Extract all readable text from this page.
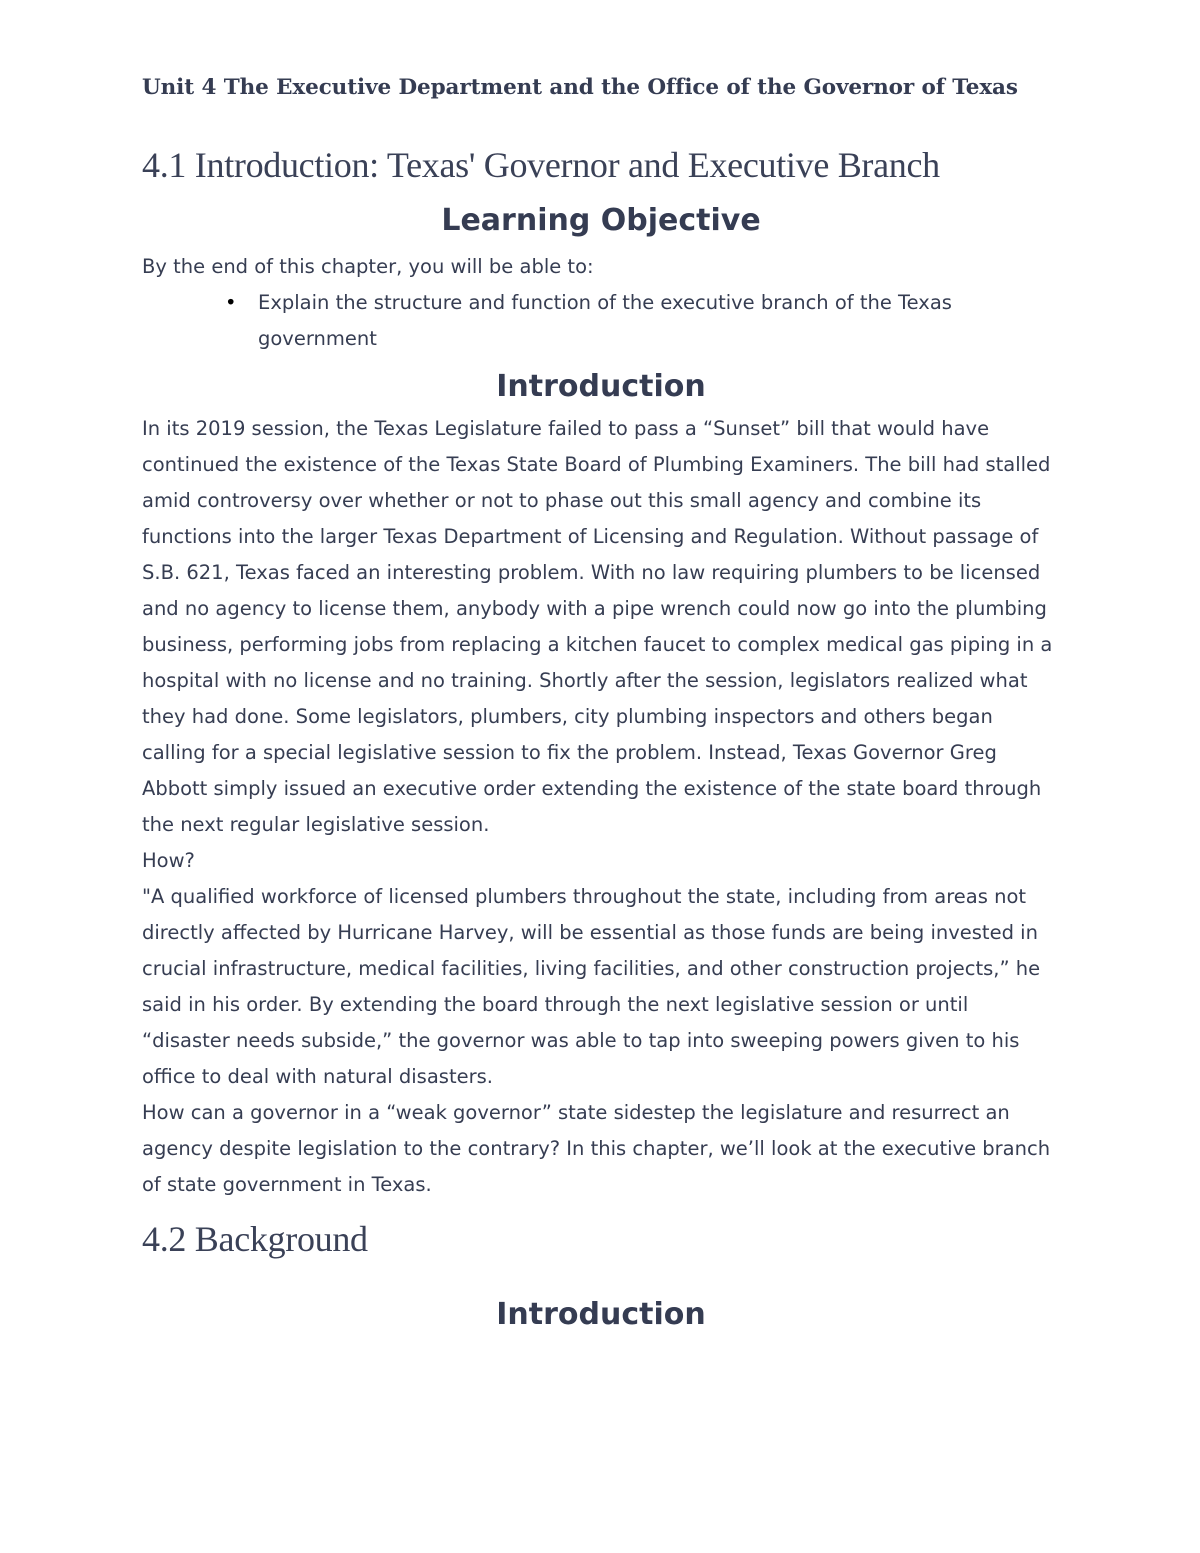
Unit 4 The Executive Department and the Office of the Governor of Texas
4.1 Introduction: Texas' Governor and Executive Branch
Learning Objective

By the end of this chapter, you will be able to:

• Explain the structure and function of the executive branch of the Texas government
Introduction

In its 2019 session, the Texas Legislature failed to pass a “Sunset” bill that would have continued the existence of the Texas State Board of Plumbing Examiners. The bill had stalled amid controversy over whether or not to phase out this small agency and combine its functions into the larger Texas Department of Licensing and Regulation. Without passage of S.B. 621, Texas faced an interesting problem. With no law requiring plumbers to be licensed and no agency to license them, anybody with a pipe wrench could now go into the plumbing business, performing jobs from replacing a kitchen faucet to complex medical gas piping in a hospital with no license and no training. Shortly after the session, legislators realized what they had done. Some legislators, plumbers, city plumbing inspectors and others began calling for a special legislative session to fix the problem. Instead, Texas Governor Greg Abbott simply issued an executive order extending the existence of the state board through the next regular legislative session.

How?

"A qualified workforce of licensed plumbers throughout the state, including from areas not directly affected by Hurricane Harvey, will be essential as those funds are being invested in crucial infrastructure, medical facilities, living facilities, and other construction projects,” he said in his order. By extending the board through the next legislative session or until “disaster needs subside,” the governor was able to tap into sweeping powers given to his office to deal with natural disasters.

How can a governor in a “weak governor” state sidestep the legislature and resurrect an agency despite legislation to the contrary? In this chapter, we’ll look at the executive branch of state government in Texas.

4.2 Background
Introduction
